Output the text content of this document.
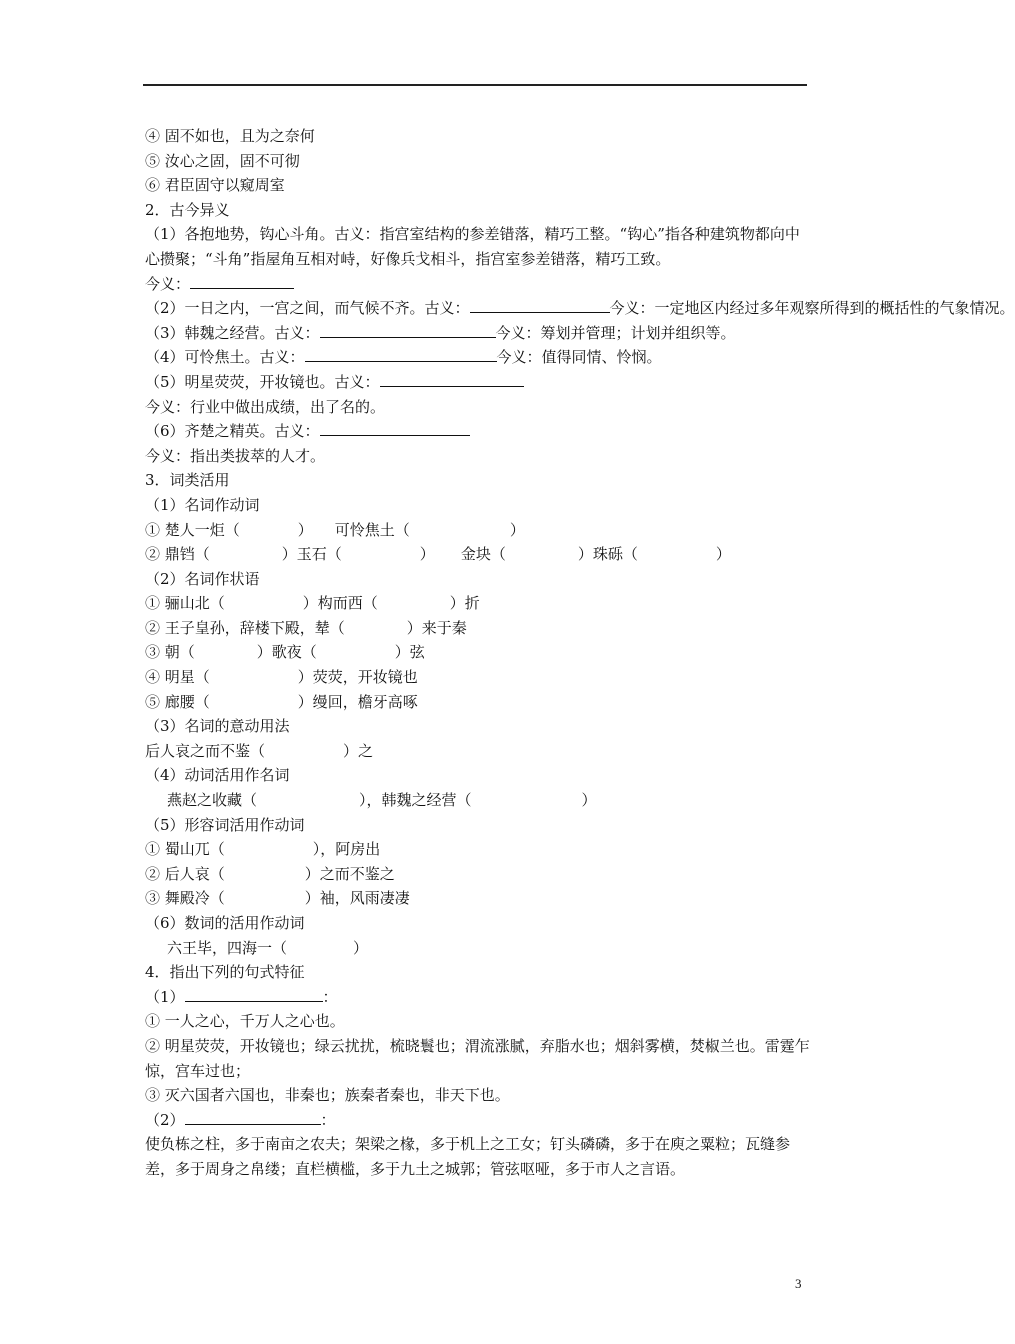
④ 固不如也，且为之奈何
⑤ 汝心之固，固不可彻
⑥ 君臣固守以窥周室
2．古今异义
（1）各抱地势，钩心斗角。古义：指宫室结构的参差错落，精巧工整。“钩心”指各种建筑物都向中心攒聚；“斗角”指屋角互相对峙，好像兵戈相斗，指宫室参差错落，精巧工致。
今义：
（2）一日之内，一宫之间，而气候不齐。古义：	今义：一定地区内经过多年观察所得到的概括性的气象情况。
（3）韩魏之经营。古义：	今义：筹划并管理；计划并组织等。
（4）可怜焦土。古义：	今义：值得同情、怜悯。
（5）明星荧荧，开妆镜也。古义：
今义：行业中做出成绩，出了名的。
（6）齐楚之精英。古义：
今义：指出类拔萃的人才。
3．词类活用
（1）名词作动词
① 楚人一炬（	） 可怜焦土（	）
② 鼎铛（	）玉石（	） 金块（	）珠砾（	）
（2）名词作状语
① 骊山北（	）构而西（	）折
② 王子皇孙，辞楼下殿，辇（	）来于秦
③ 朝（	）歌夜（	）弦
④ 明星（	）荧荧，开妆镜也
⑤ 廊腰（	）缦回，檐牙高啄
（3）名词的意动用法
后人哀之而不鉴（	）之
（4）动词活用作名词
燕赵之收藏（	），韩魏之经营（	）
（5）形容词活用作动词
① 蜀山兀（	），阿房出
② 后人哀（	）之而不鉴之
③ 舞殿冷（	）袖，风雨凄凄
（6）数词的活用作动词
六王毕，四海一（	）
4．指出下列的句式特征
（1）	：
① 一人之心，千万人之心也。
② 明星荧荧，开妆镜也；绿云扰扰，梳晓鬟也；渭流涨腻，弃脂水也；烟斜雾横，焚椒兰也。雷霆乍惊，宫车过也；
③ 灭六国者六国也，非秦也；族秦者秦也，非天下也。
（2）	：
使负栋之柱，多于南亩之农夫；架梁之椽，多于机上之工女；钉头磷磷，多于在庾之粟粒；瓦缝参差，多于周身之帛缕；直栏横槛，多于九土之城郭；管弦呕哑，多于市人之言语。
3
